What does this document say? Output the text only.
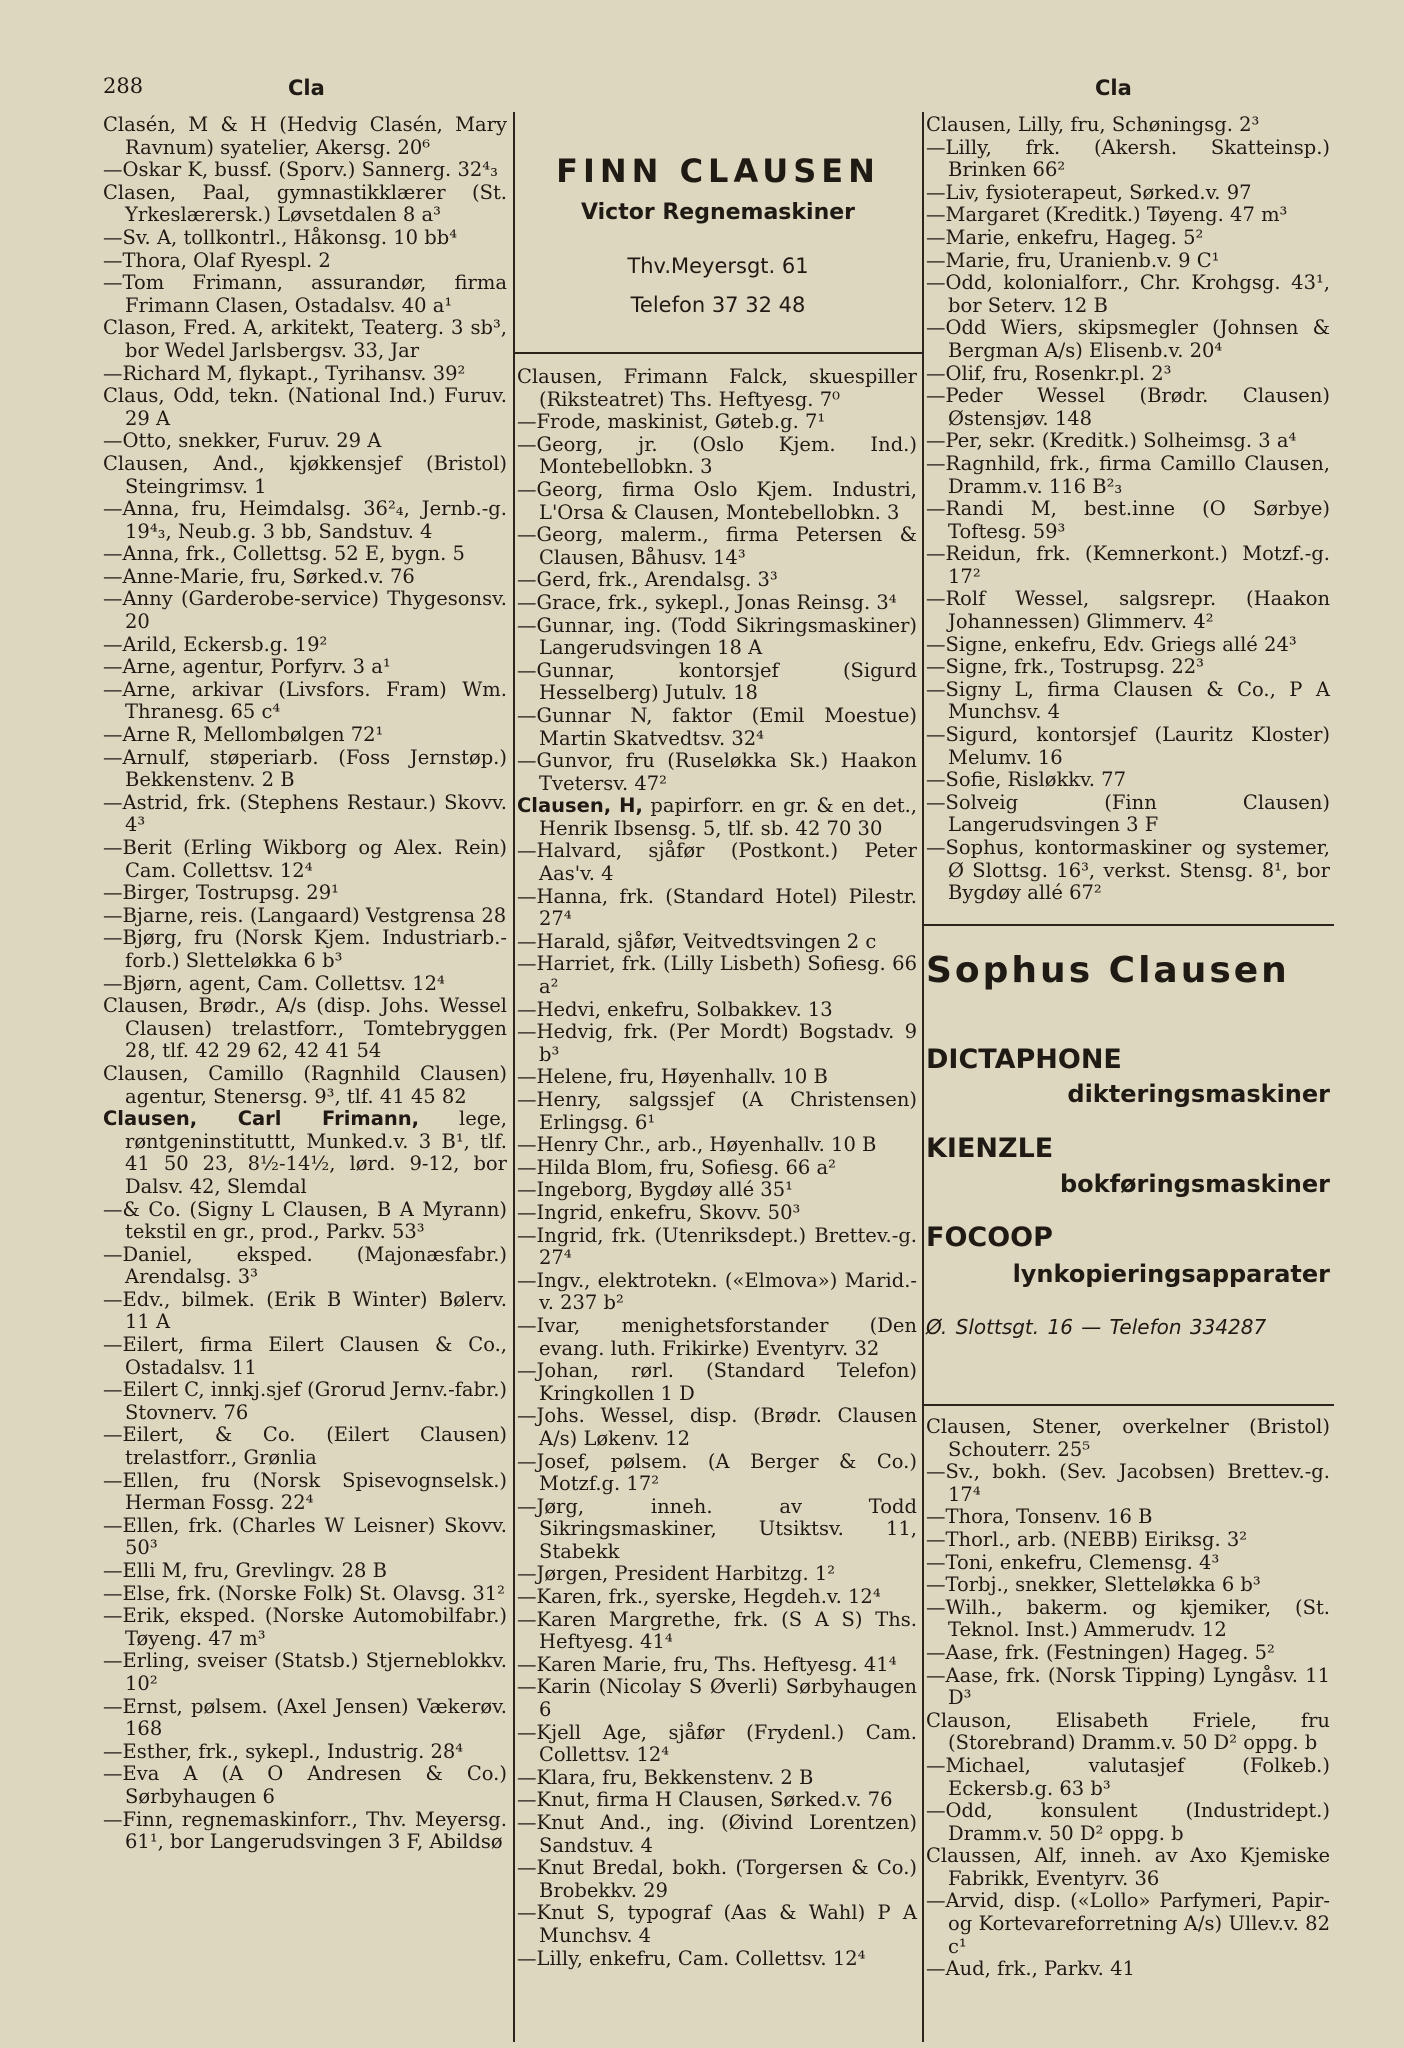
288	Cla	Cla
Clasén, M & H (Hedvig Clasén, Mary Ravnum) syatelier, Akersg. 20⁶
—Oskar K, bussf. (Sporv.) Sannerg. 32⁴₃
Clasen, Paal, gymnastikklærer (St. Yrkeslærersk.) Løvsetdalen 8 a³
—Sv. A, tollkontrl., Håkonsg. 10 bb⁴
—Thora, Olaf Ryespl. 2
—Tom Frimann, assurandør, firma Frimann Clasen, Ostadalsv. 40 a¹
Clason, Fred. A, arkitekt, Teaterg. 3 sb³, bor Wedel Jarlsbergsv. 33, Jar
—Richard M, flykapt., Tyrihansv. 39²
Claus, Odd, tekn. (National Ind.) Furuv. 29 A
—Otto, snekker, Furuv. 29 A
Clausen, And., kjøkkensjef (Bristol) Steingrimsv. 1
—Anna, fru, Heimdalsg. 36²₄, Jernb.-g. 19⁴₃, Neub.g. 3 bb, Sandstuv. 4
—Anna, frk., Collettsg. 52 E, bygn. 5
—Anne-Marie, fru, Sørked.v. 76
—Anny (Garderobe-service) Thygesonsv. 20
—Arild, Eckersb.g. 19²
—Arne, agentur, Porfyrv. 3 a¹
—Arne, arkivar (Livsfors. Fram) Wm. Thranesg. 65 c⁴
—Arne R, Mellombølgen 72¹
—Arnulf, støperiarb. (Foss Jernstøp.) Bekkenstenv. 2 B
—Astrid, frk. (Stephens Restaur.) Skovv. 4³
—Berit (Erling Wikborg og Alex. Rein) Cam. Collettsv. 12⁴
—Birger, Tostrupsg. 29¹
—Bjarne, reis. (Langaard) Vestgrensa 28
—Bjørg, fru (Norsk Kjem. Industriarb.-forb.) Sletteløkka 6 b³
—Bjørn, agent, Cam. Collettsv. 12⁴
Clausen, Brødr., A/s (disp. Johs. Wessel Clausen) trelastforr., Tomtebryggen 28, tlf. 42 29 62, 42 41 54
Clausen, Camillo (Ragnhild Clausen) agentur, Stenersg. 9³, tlf. 41 45 82
Clausen, Carl Frimann, lege, røntgeninstituttt, Munked.v. 3 B¹, tlf. 41 50 23, 8½-14½, lørd. 9-12, bor Dalsv. 42, Slemdal
—& Co. (Signy L Clausen, B A Myrann) tekstil en gr., prod., Parkv. 53³
—Daniel, eksped. (Majonæsfabr.) Arendalsg. 3³
—Edv., bilmek. (Erik B Winter) Bølerv. 11 A
—Eilert, firma Eilert Clausen & Co., Ostadalsv. 11
—Eilert C, innkj.sjef (Grorud Jernv.-fabr.) Stovnerv. 76
—Eilert, & Co. (Eilert Clausen) trelastforr., Grønlia
—Ellen, fru (Norsk Spisevognselsk.) Herman Fossg. 22⁴
—Ellen, frk. (Charles W Leisner) Skovv. 50³
—Elli M, fru, Grevlingv. 28 B
—Else, frk. (Norske Folk) St. Olavsg. 31²
—Erik, eksped. (Norske Automobilfabr.) Tøyeng. 47 m³
—Erling, sveiser (Statsb.) Stjerneblokkv. 10²
—Ernst, pølsem. (Axel Jensen) Vækerøv. 168
—Esther, frk., sykepl., Industrig. 28⁴
—Eva A (A O Andresen & Co.) Sørbyhaugen 6
—Finn, regnemaskinforr., Thv. Meyersg. 61¹, bor Langerudsvingen 3 F, Abildsø
FINN CLAUSEN
Victor Regnemaskiner
Thv.Meyersgt. 61
Telefon 37 32 48
Clausen, Frimann Falck, skuespiller (Riksteatret) Ths. Heftyesg. 7⁰
—Frode, maskinist, Gøteb.g. 7¹
—Georg, jr. (Oslo Kjem. Ind.) Montebellobkn. 3
—Georg, firma Oslo Kjem. Industri, L'Orsa & Clausen, Montebellobkn. 3
—Georg, malerm., firma Petersen & Clausen, Båhusv. 14³
—Gerd, frk., Arendalsg. 3³
—Grace, frk., sykepl., Jonas Reinsg. 3⁴
—Gunnar, ing. (Todd Sikringsmaskiner) Langerudsvingen 18 A
—Gunnar, kontorsjef (Sigurd Hesselberg) Jutulv. 18
—Gunnar N, faktor (Emil Moestue) Martin Skatvedtsv. 32⁴
—Gunvor, fru (Ruseløkka Sk.) Haakon Tvetersv. 47²
Clausen, H, papirforr. en gr. & en det., Henrik Ibsensg. 5, tlf. sb. 42 70 30
—Halvard, sjåfør (Postkont.) Peter Aas'v. 4
—Hanna, frk. (Standard Hotel) Pilestr. 27⁴
—Harald, sjåfør, Veitvedtsvingen 2 c
—Harriet, frk. (Lilly Lisbeth) Sofiesg. 66 a²
—Hedvi, enkefru, Solbakkev. 13
—Hedvig, frk. (Per Mordt) Bogstadv. 9 b³
—Helene, fru, Høyenhallv. 10 B
—Henry, salgssjef (A Christensen) Erlingsg. 6¹
—Henry Chr., arb., Høyenhallv. 10 B
—Hilda Blom, fru, Sofiesg. 66 a²
—Ingeborg, Bygdøy allé 35¹
—Ingrid, enkefru, Skovv. 50³
—Ingrid, frk. (Utenriksdept.) Brettev.-g. 27⁴
—Ingv., elektrotekn. («Elmova») Marid.-v. 237 b²
—Ivar, menighetsforstander (Den evang. luth. Frikirke) Eventyrv. 32
—Johan, rørl. (Standard Telefon) Kringkollen 1 D
—Johs. Wessel, disp. (Brødr. Clausen A/s) Løkenv. 12
—Josef, pølsem. (A Berger & Co.) Motzf.g. 17²
—Jørg, inneh. av Todd Sikringsmaskiner, Utsiktsv. 11, Stabekk
—Jørgen, President Harbitzg. 1²
—Karen, frk., syerske, Hegdeh.v. 12⁴
—Karen Margrethe, frk. (S A S) Ths. Heftyesg. 41⁴
—Karen Marie, fru, Ths. Heftyesg. 41⁴
—Karin (Nicolay S Øverli) Sørbyhaugen 6
—Kjell Age, sjåfør (Frydenl.) Cam. Collettsv. 12⁴
—Klara, fru, Bekkenstenv. 2 B
—Knut, firma H Clausen, Sørked.v. 76
—Knut And., ing. (Øivind Lorentzen) Sandstuv. 4
—Knut Bredal, bokh. (Torgersen & Co.) Brobekkv. 29
—Knut S, typograf (Aas & Wahl) P A Munchsv. 4
—Lilly, enkefru, Cam. Collettsv. 12⁴
Clausen, Lilly, fru, Schøningsg. 2³
—Lilly, frk. (Akersh. Skatteinsp.) Brinken 66²
—Liv, fysioterapeut, Sørked.v. 97
—Margaret (Kreditk.) Tøyeng. 47 m³
—Marie, enkefru, Hageg. 5²
—Marie, fru, Uranienb.v. 9 C¹
—Odd, kolonialforr., Chr. Krohgsg. 43¹, bor Seterv. 12 B
—Odd Wiers, skipsmegler (Johnsen & Bergman A/s) Elisenb.v. 20⁴
—Olif, fru, Rosenkr.pl. 2³
—Peder Wessel (Brødr. Clausen) Østensjøv. 148
—Per, sekr. (Kreditk.) Solheimsg. 3 a⁴
—Ragnhild, frk., firma Camillo Clausen, Dramm.v. 116 B²₃
—Randi M, best.inne (O Sørbye) Toftesg. 59³
—Reidun, frk. (Kemnerkont.) Motzf.-g. 17²
—Rolf Wessel, salgsrepr. (Haakon Johannessen) Glimmerv. 4²
—Signe, enkefru, Edv. Griegs allé 24³
—Signe, frk., Tostrupsg. 22³
—Signy L, firma Clausen & Co., P A Munchsv. 4
—Sigurd, kontorsjef (Lauritz Kloster) Melumv. 16
—Sofie, Risløkkv. 77
—Solveig (Finn Clausen) Langerudsvingen 3 F
—Sophus, kontormaskiner og systemer, Ø Slottsg. 16³, verkst. Stensg. 8¹, bor Bygdøy allé 67²
Sophus Clausen
DICTAPHONE
dikteringsmaskiner
KIENZLE
bokføringsmaskiner
FOCOOP
lynkopieringsapparater
Ø. Slottsgt. 16 — Telefon 334287
Clausen, Stener, overkelner (Bristol) Schouterr. 25⁵
—Sv., bokh. (Sev. Jacobsen) Brettev.-g. 17⁴
—Thora, Tonsenv. 16 B
—Thorl., arb. (NEBB) Eiriksg. 3²
—Toni, enkefru, Clemensg. 4³
—Torbj., snekker, Sletteløkka 6 b³
—Wilh., bakerm. og kjemiker, (St. Teknol. Inst.) Ammerudv. 12
—Aase, frk. (Festningen) Hageg. 5²
—Aase, frk. (Norsk Tipping) Lyngåsv. 11 D³
Clauson, Elisabeth Friele, fru (Storebrand) Dramm.v. 50 D² oppg. b
—Michael, valutasjef (Folkeb.) Eckersb.g. 63 b³
—Odd, konsulent (Industridept.) Dramm.v. 50 D² oppg. b
Claussen, Alf, inneh. av Axo Kjemiske Fabrikk, Eventyrv. 36
—Arvid, disp. («Lollo» Parfymeri, Papir- og Kortevareforretning A/s) Ullev.v. 82 c¹
—Aud, frk., Parkv. 41
